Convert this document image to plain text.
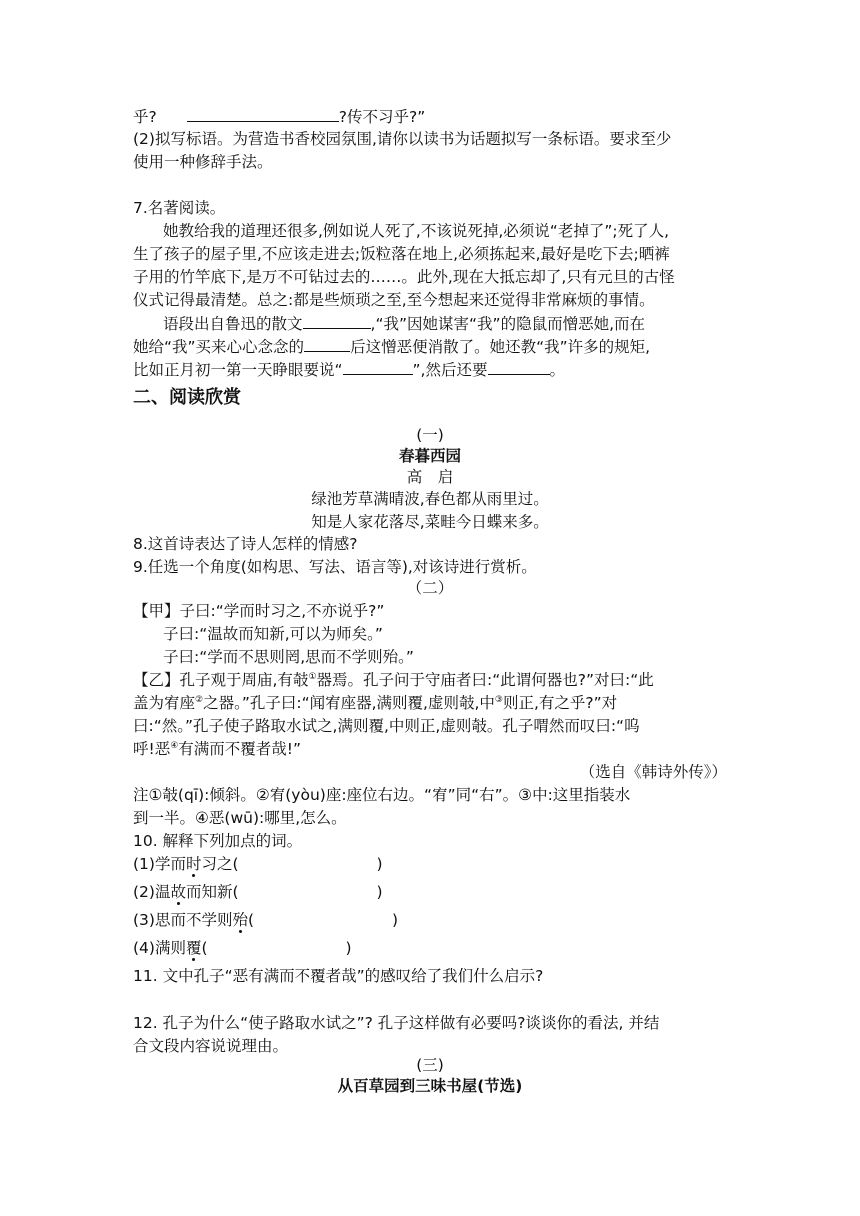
乎?	?传不习乎?”
(2)拟写标语。为营造书香校园氛围,请你以读书为话题拟写一条标语。要求至少
使用一种修辞手法。
7.名著阅读。
她教给我的道理还很多,例如说人死了,不该说死掉,必须说“老掉了”;死了人,
生了孩子的屋子里,不应该走进去;饭粒落在地上,必须拣起来,最好是吃下去;晒裤
子用的竹竿底下,是万不可钻过去的……。此外,现在大抵忘却了,只有元旦的古怪
仪式记得最清楚。总之:都是些烦琐之至,至今想起来还觉得非常麻烦的事情。
语段出自鲁迅的散文	,“我”因她谋害“我”的隐鼠而憎恶她,而在
她给“我”买来心心念念的	后这憎恶便消散了。她还教“我”许多的规矩,
比如正月初一第一天睁眼要说“	”,然后还要	。
二、阅读欣赏
(一)
春暮西园
高　启
绿池芳草满晴波,春色都从雨里过。
知是人家花落尽,菜畦今日蝶来多。
8.这首诗表达了诗人怎样的情感?
9.任选一个角度(如构思、写法、语言等),对该诗进行赏析。
（二）
【甲】子曰:“学而时习之,不亦说乎?”
子曰:“温故而知新,可以为师矣。”
子曰:“学而不思则罔,思而不学则殆。”
【乙】孔子观于周庙,有攲①器焉。孔子问于守庙者曰:“此谓何器也?”对曰:“此
盖为宥座②之器。”孔子曰:“闻宥座器,满则覆,虚则攲,中③则正,有之乎?”对
曰:“然。”孔子使子路取水试之,满则覆,中则正,虚则攲。孔子喟然而叹曰:“呜
呼!恶④有满而不覆者哉!”
（选自《韩诗外传》）
注①攲(qī):倾斜。②宥(yòu)座:座位右边。“宥”同“右”。③中:这里指装水
到一半。④恶(wū):哪里,怎么。
10. 解释下列加点的词。
(1)学而时习之(	)
(2)温故而知新(	)
(3)思而不学则殆(	)
(4)满则覆(	)
11. 文中孔子“恶有满而不覆者哉”的感叹给了我们什么启示?
12. 孔子为什么“使子路取水试之”? 孔子这样做有必要吗?谈谈你的看法, 并结
合文段内容说说理由。
(三)
从百草园到三味书屋(节选)
